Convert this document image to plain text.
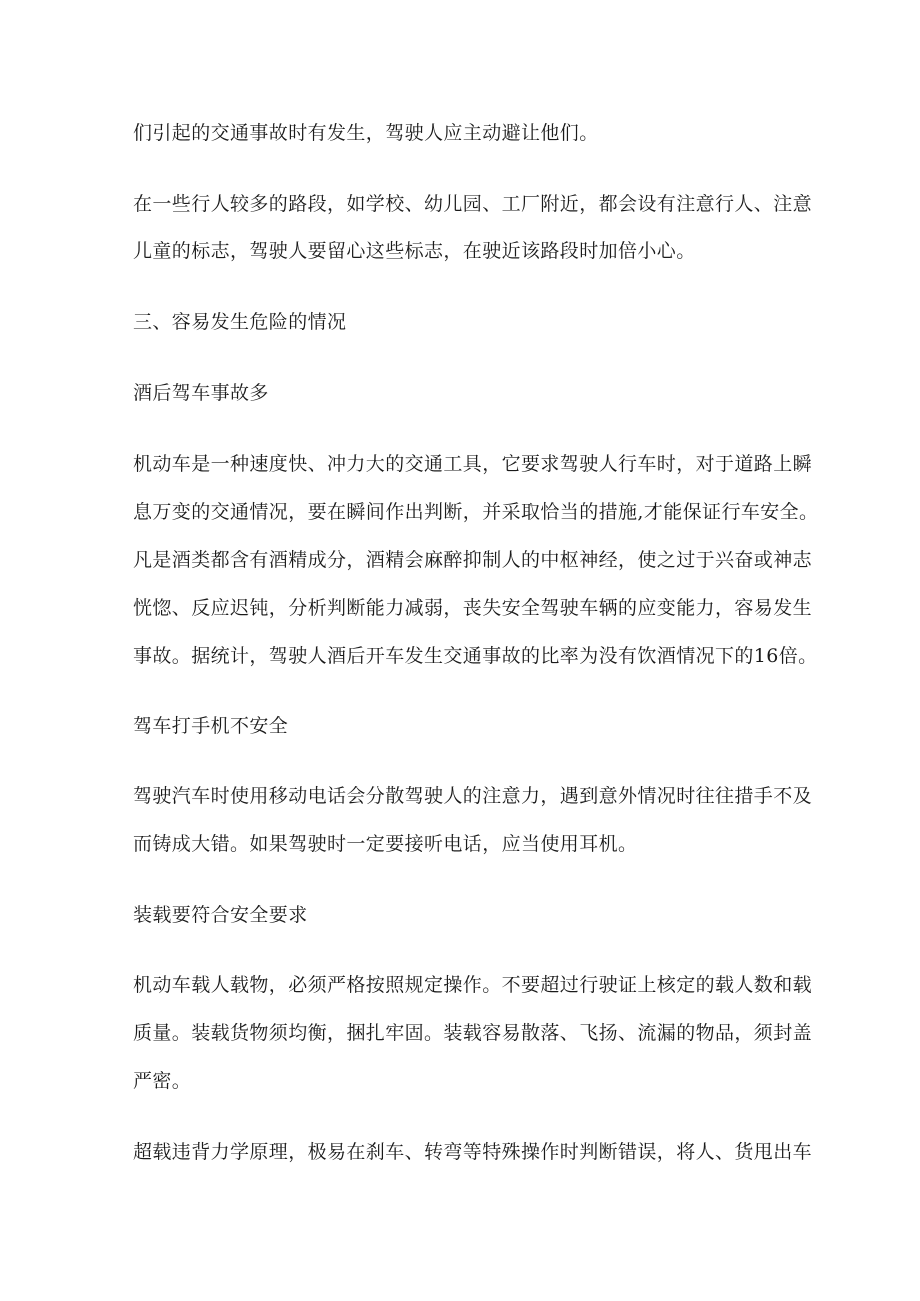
们引起的交通事故时有发生，驾驶人应主动避让他们。
在一些行人较多的路段，如学校、幼儿园、工厂附近，都会设有注意行人、注意
儿童的标志，驾驶人要留心这些标志，在驶近该路段时加倍小心。
三、容易发生危险的情况
酒后驾车事故多
机动车是一种速度快、冲力大的交通工具，它要求驾驶人行车时，对于道路上瞬
息万变的交通情况，要在瞬间作出判断，并采取恰当的措施,才能保证行车安全。
凡是酒类都含有酒精成分，酒精会麻醉抑制人的中枢神经，使之过于兴奋或神志
恍惚、反应迟钝，分析判断能力减弱，丧失安全驾驶车辆的应变能力，容易发生
事故。据统计，驾驶人酒后开车发生交通事故的比率为没有饮酒情况下的16倍。
驾车打手机不安全
驾驶汽车时使用移动电话会分散驾驶人的注意力，遇到意外情况时往往措手不及
而铸成大错。如果驾驶时一定要接听电话，应当使用耳机。
装载要符合安全要求
机动车载人载物，必须严格按照规定操作。不要超过行驶证上核定的载人数和载
质量。装载货物须均衡，捆扎牢固。装载容易散落、飞扬、流漏的物品，须封盖
严密。
超载违背力学原理，极易在刹车、转弯等特殊操作时判断错误，将人、货甩出车
